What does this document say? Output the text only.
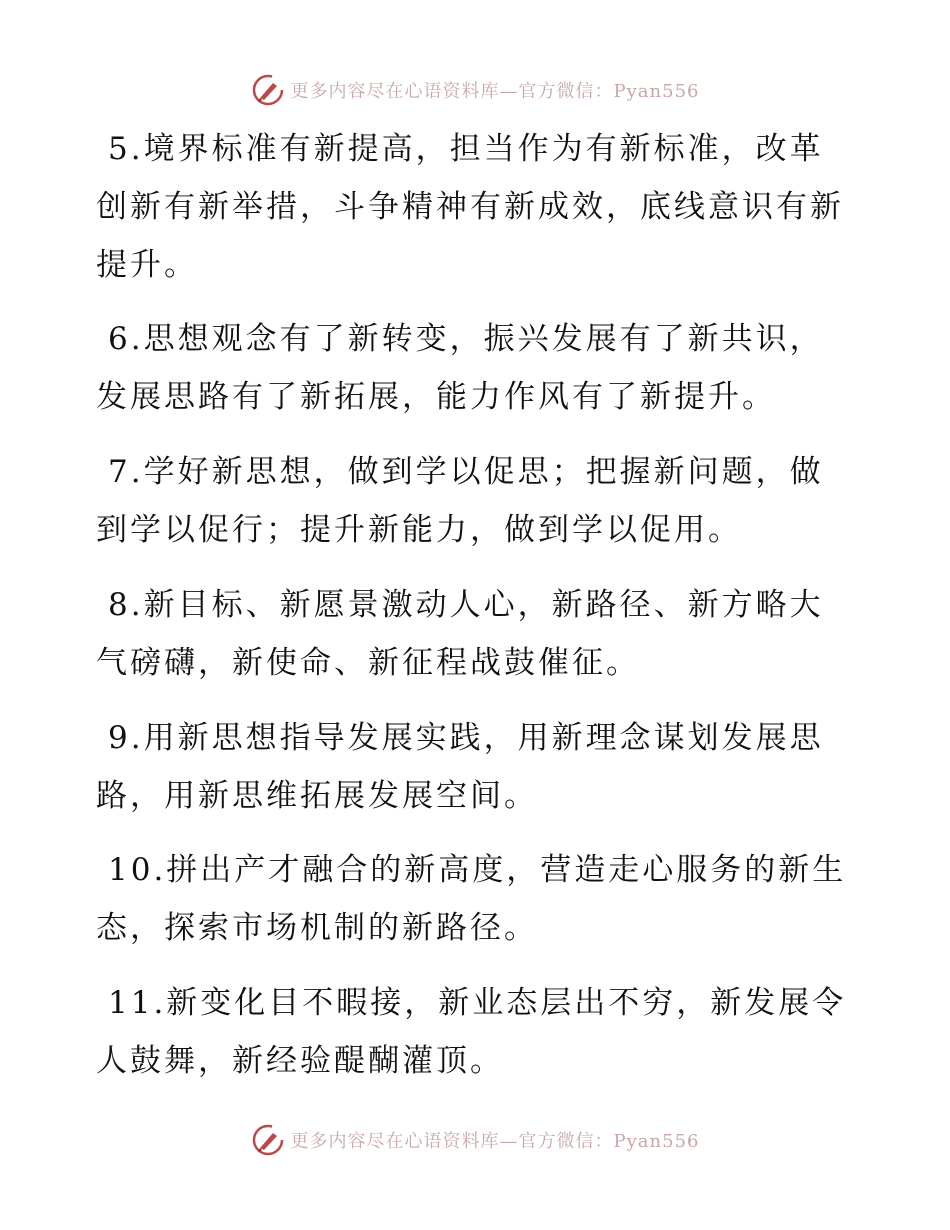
更多内容尽在心语资料库—官方微信：Pyan556

5.境界标准有新提高，担当作为有新标准，改革创新有新举措，斗争精神有新成效，底线意识有新提升。

6.思想观念有了新转变，振兴发展有了新共识，发展思路有了新拓展，能力作风有了新提升。

7.学好新思想，做到学以促思；把握新问题，做到学以促行；提升新能力，做到学以促用。

8.新目标、新愿景激动人心，新路径、新方略大气磅礴，新使命、新征程战鼓催征。

9.用新思想指导发展实践，用新理念谋划发展思路，用新思维拓展发展空间。

10.拼出产才融合的新高度，营造走心服务的新生态，探索市场机制的新路径。

11.新变化目不暇接，新业态层出不穷，新发展令人鼓舞，新经验醍醐灌顶。

更多内容尽在心语资料库—官方微信：Pyan556
